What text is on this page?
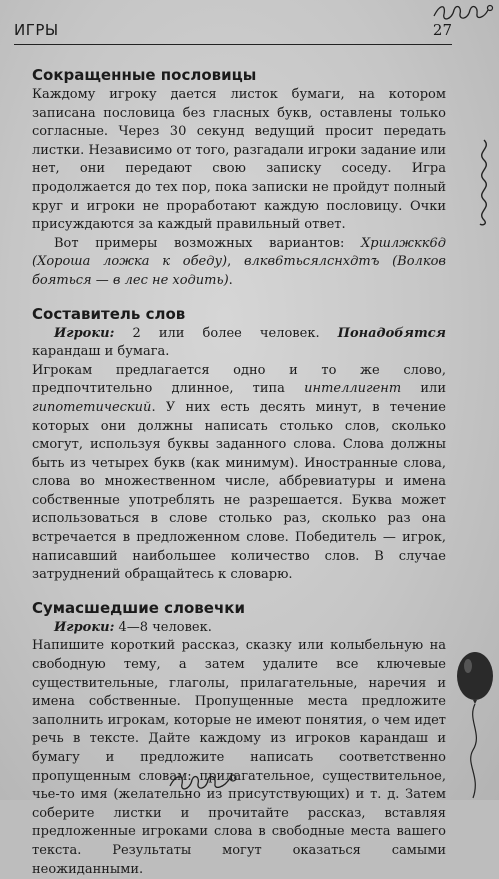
ИГРЫ	27
Сокращенные пословицы

Каждому игроку дается листок бумаги, на котором записана пословица без гласных букв, оставлены только согласные. Через 30 секунд ведущий просит передать листки. Независимо от того, разгадали игроки задание или нет, они передают свою записку соседу. Игра продолжается до тех пор, пока записки не пройдут полный круг и игроки не проработают каждую пословицу. Очки присуждаются за каждый правильный ответ.

Вот примеры возможных вариантов: Хршлжкк6д (Хороша ложка к обеду), влкв6тьсялснхдтъ (Волков бояться — в лес не ходить).

Составитель слов

Игроки: 2 или более человек. Понадобятся карандаш и бумага.

Игрокам предлагается одно и то же слово, предпочтительно длинное, типа интеллигент или гипотетический. У них есть десять минут, в течение которых они должны написать столько слов, сколько смогут, используя буквы заданного слова. Слова должны быть из четырех букв (как минимум). Иностранные слова, слова во множественном числе, аббревиатуры и имена собственные употреблять не разрешается. Буква может использоваться в слове столько раз, сколько раз она встречается в предложенном слове. Победитель — игрок, написавший наибольшее количество слов. В случае затруднений обращайтесь к словарю.

Сумасшедшие словечки

Игроки: 4—8 человек.

Напишите короткий рассказ, сказку или колыбельную на свободную тему, а затем удалите все ключевые существительные, глаголы, прилагательные, наречия и имена собственные. Пропущенные места предложите заполнить игрокам, которые не имеют понятия, о чем идет речь в тексте. Дайте каждому из игроков карандаш и бумагу и предложите написать соответственно пропущенным словам: прилагательное, существительное, чье-то имя (желательно из присутствующих) и т. д. Затем соберите листки и прочитайте рассказ, вставляя предложенные игроками слова в свободные места вашего текста. Результаты могут оказаться самыми неожиданными.
